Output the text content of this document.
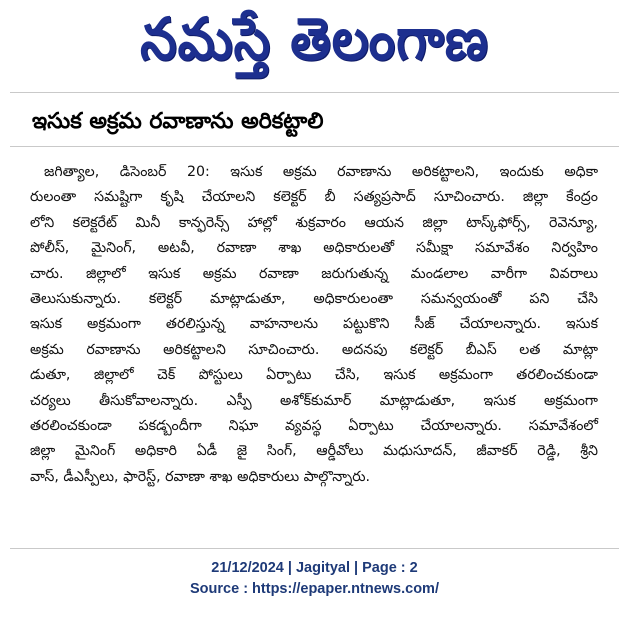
నమస్తే తెలంగాణ
ఇసుక అక్రమ రవాణాను అరికట్టాలి
జగిత్యాల, డిసెంబర్ 20: ఇసుక అక్రమ రవాణాను అరికట్టాలని, ఇందుకు అధికా
రులంతా సమష్టిగా కృషి చేయాలని కలెక్టర్ బీ సత్యప్రసాద్ సూచించారు. జిల్లా కేంద్రం
లోని కలెక్టరేట్ మినీ కాన్ఫరెన్స్ హాల్లో శుక్రవారం ఆయన జిల్లా టాస్క్‌ఫోర్స్, రెవెన్యూ,
పోలీస్, మైనింగ్, అటవీ, రవాణా శాఖ అధికారులతో సమీక్షా సమావేశం నిర్వహిం
చారు. జిల్లాలో ఇసుక అక్రమ రవాణా జరుగుతున్న మండలాల వారీగా వివరాలు
తెలుసుకున్నారు. కలెక్టర్ మాట్లాడుతూ, అధికారులంతా సమన్వయంతో పని చేసి
ఇసుక అక్రమంగా తరలిస్తున్న వాహనాలను పట్టుకొని సీజ్ చేయాలన్నారు. ఇసుక
అక్రమ రవాణాను అరికట్టాలని సూచించారు. అదనపు కలెక్టర్ బీఎస్ లత మాట్లా
డుతూ, జిల్లాలో చెక్ పోస్టులు ఏర్పాటు చేసి, ఇసుక అక్రమంగా తరలించకుండా
చర్యలు తీసుకోవాలన్నారు. ఎస్పీ అశోక్‌కుమార్ మాట్లాడుతూ, ఇసుక అక్రమంగా
తరలించకుండా పకడ్బందీగా నిఘా వ్యవస్థ ఏర్పాటు చేయాలన్నారు. సమావేశంలో
జిల్లా మైనింగ్ అధికారి ఏడీ జై సింగ్, ఆర్డీవోలు మధుసూదన్, జీవాకర్ రెడ్డి, శ్రీని
వాస్, డీఎస్పీలు, ఫారెస్ట్, రవాణా శాఖ అధికారులు పాల్గొన్నారు.
21/12/2024 | Jagityal | Page : 2
Source : https://epaper.ntnews.com/
